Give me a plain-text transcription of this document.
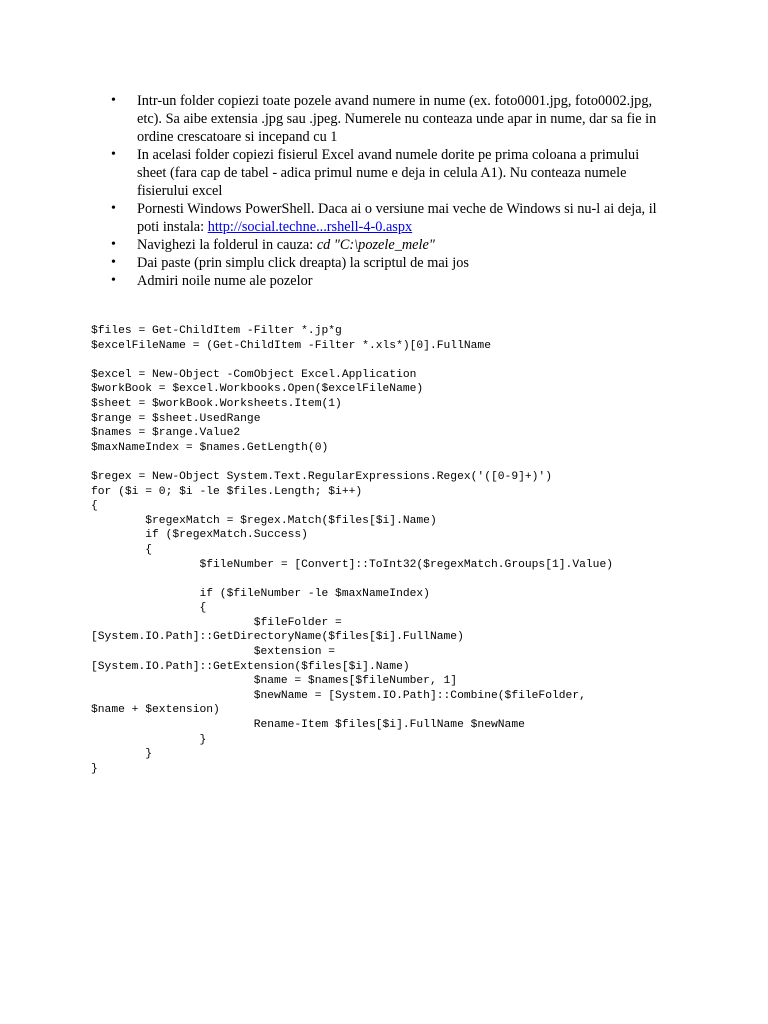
•	Intr-un folder copiezi toate pozele avand numere in nume (ex. foto0001.jpg, foto0002.jpg, etc). Sa aibe extensia .jpg sau .jpeg. Numerele nu conteaza unde apar in nume, dar sa fie in ordine crescatoare si incepand cu 1
•	In acelasi folder copiezi fisierul Excel avand numele dorite pe prima coloana a primului sheet (fara cap de tabel - adica primul nume e deja in celula A1). Nu conteaza numele fisierului excel
•	Pornesti Windows PowerShell. Daca ai o versiune mai veche de Windows si nu-l ai deja, il poti instala: http://social.techne...rshell-4-0.aspx
•	Navighezi la folderul in cauza: cd "C:\pozele_mele"
•	Dai paste (prin simplu click dreapta) la scriptul de mai jos
•	Admiri noile nume ale pozelor
$files = Get-ChildItem -Filter *.jp*g
$excelFileName = (Get-ChildItem -Filter *.xls*)[0].FullName

$excel = New-Object -ComObject Excel.Application
$workBook = $excel.Workbooks.Open($excelFileName)
$sheet = $workBook.Worksheets.Item(1)
$range = $sheet.UsedRange
$names = $range.Value2
$maxNameIndex = $names.GetLength(0)

$regex = New-Object System.Text.RegularExpressions.Regex('([0-9]+)')
for ($i = 0; $i -le $files.Length; $i++)
{
$regexMatch = $regex.Match($files[$i].Name)
if ($regexMatch.Success)
{
$fileNumber = [Convert]::ToInt32($regexMatch.Groups[1].Value)

if ($fileNumber -le $maxNameIndex)
{
$fileFolder =
[System.IO.Path]::GetDirectoryName($files[$i].FullName)
$extension =
[System.IO.Path]::GetExtension($files[$i].Name)
$name = $names[$fileNumber, 1]
$newName = [System.IO.Path]::Combine($fileFolder,
$name + $extension)
Rename-Item $files[$i].FullName $newName
}
}
}
